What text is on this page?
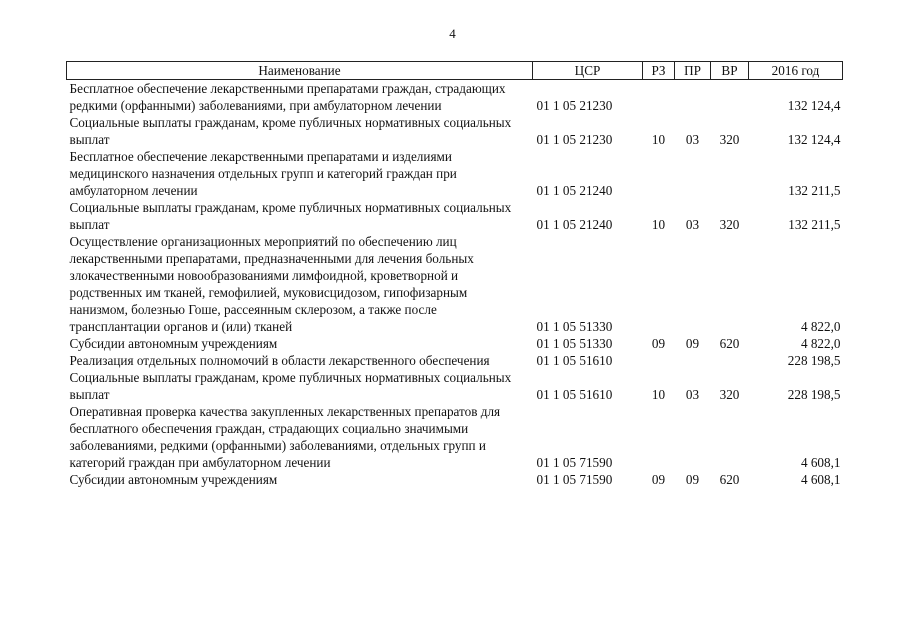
4
Наименование	ЦСР	РЗ	ПР	ВР	2016 год
Бесплатное обеспечение лекарственными препаратами граждан, страдающих редкими (орфанными) заболеваниями, при амбулаторном лечении	01 1 05 21230				132 124,4
Социальные выплаты гражданам, кроме публичных нормативных социальных выплат	01 1 05 21230	10	03	320	132 124,4
Бесплатное обеспечение лекарственными препаратами и изделиями медицинского назначения отдельных групп и категорий граждан при амбулаторном лечении	01 1 05 21240				132 211,5
Социальные выплаты гражданам, кроме публичных нормативных социальных выплат	01 1 05 21240	10	03	320	132 211,5
Осуществление организационных мероприятий по обеспечению лиц лекарственными препаратами, предназначенными для лечения больных злокачественными новообразованиями лимфоидной, кроветворной и родственных им тканей, гемофилией, муковисцидозом, гипофизарным нанизмом, болезнью Гоше, рассеянным склерозом, а также после трансплантации органов и (или) тканей	01 1 05 51330				4 822,0
Субсидии автономным учреждениям	01 1 05 51330	09	09	620	4 822,0
Реализация отдельных полномочий в области лекарственного обеспечения	01 1 05 51610				228 198,5
Социальные выплаты гражданам, кроме публичных нормативных социальных выплат	01 1 05 51610	10	03	320	228 198,5
Оперативная проверка качества закупленных лекарственных препаратов для бесплатного обеспечения граждан, страдающих социально значимыми заболеваниями, редкими (орфанными) заболеваниями, отдельных групп и категорий граждан при амбулаторном лечении	01 1 05 71590				4 608,1
Субсидии автономным учреждениям	01 1 05 71590	09	09	620	4 608,1
